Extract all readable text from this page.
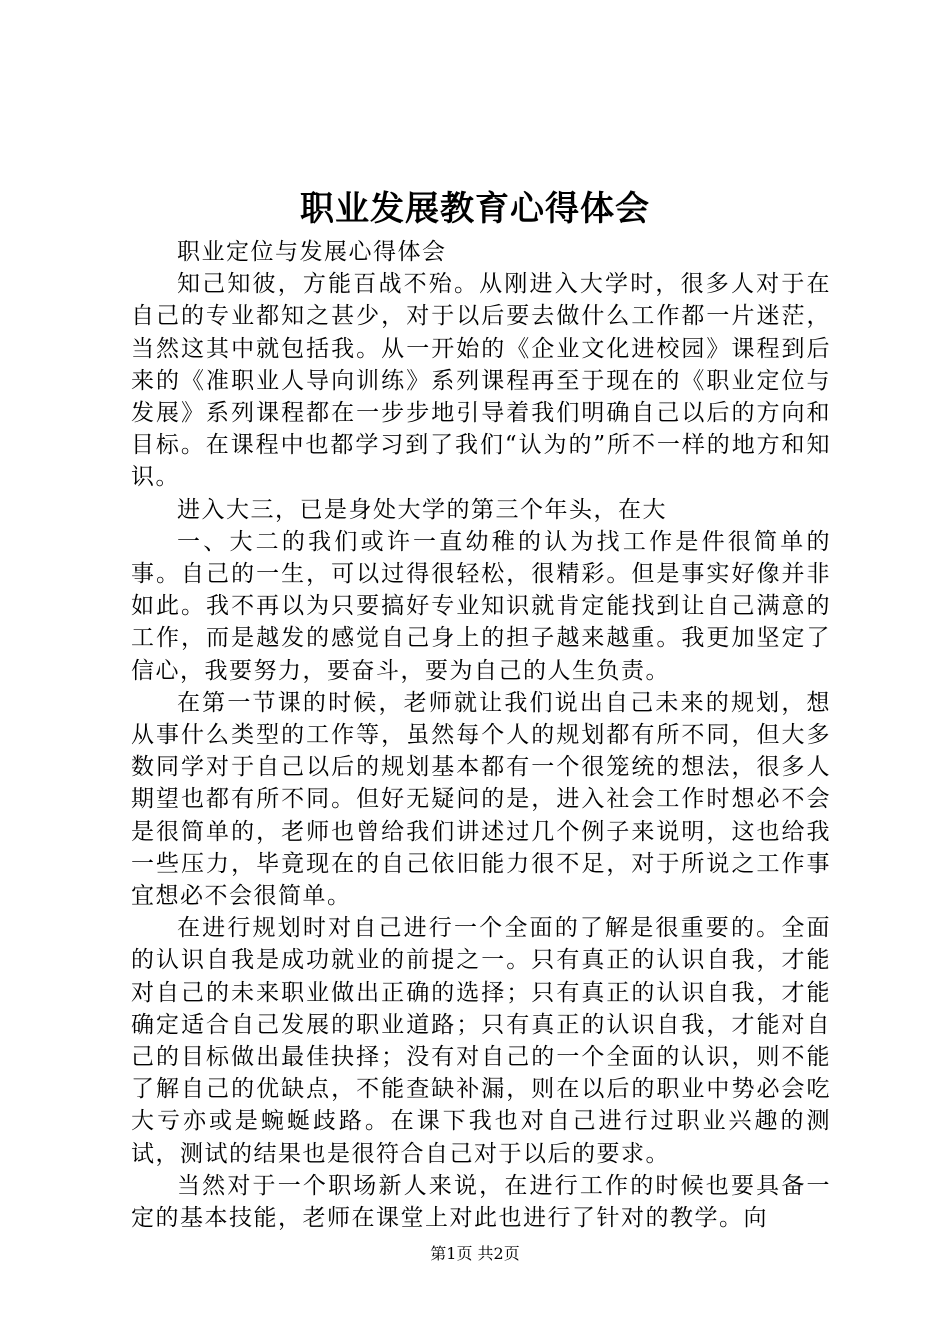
职业发展教育心得体会

职业定位与发展心得体会

知己知彼，方能百战不殆。从刚进入大学时，很多人对于在自己的专业都知之甚少，对于以后要去做什么工作都一片迷茫，当然这其中就包括我。从一开始的《企业文化进校园》课程到后来的《准职业人导向训练》系列课程再至于现在的《职业定位与发展》系列课程都在一步步地引导着我们明确自己以后的方向和目标。在课程中也都学习到了我们“认为的”所不一样的地方和知识。

进入大三，已是身处大学的第三个年头，在大

一、大二的我们或许一直幼稚的认为找工作是件很简单的事。自己的一生，可以过得很轻松，很精彩。但是事实好像并非如此。我不再以为只要搞好专业知识就肯定能找到让自己满意的工作，而是越发的感觉自己身上的担子越来越重。我更加坚定了信心，我要努力，要奋斗，要为自己的人生负责。

在第一节课的时候，老师就让我们说出自己未来的规划，想从事什么类型的工作等，虽然每个人的规划都有所不同，但大多数同学对于自己以后的规划基本都有一个很笼统的想法，很多人期望也都有所不同。但好无疑问的是，进入社会工作时想必不会是很简单的，老师也曾给我们讲述过几个例子来说明，这也给我一些压力，毕竟现在的自己依旧能力很不足，对于所说之工作事宜想必不会很简单。

在进行规划时对自己进行一个全面的了解是很重要的。全面的认识自我是成功就业的前提之一。只有真正的认识自我，才能对自己的未来职业做出正确的选择；只有真正的认识自我，才能确定适合自己发展的职业道路；只有真正的认识自我，才能对自己的目标做出最佳抉择；没有对自己的一个全面的认识，则不能了解自己的优缺点，不能查缺补漏，则在以后的职业中势必会吃大亏亦或是蜿蜒歧路。在课下我也对自己进行过职业兴趣的测试，测试的结果也是很符合自己对于以后的要求。

当然对于一个职场新人来说，在进行工作的时候也要具备一定的基本技能，老师在课堂上对此也进行了针对的教学。向

第1页 共2页
